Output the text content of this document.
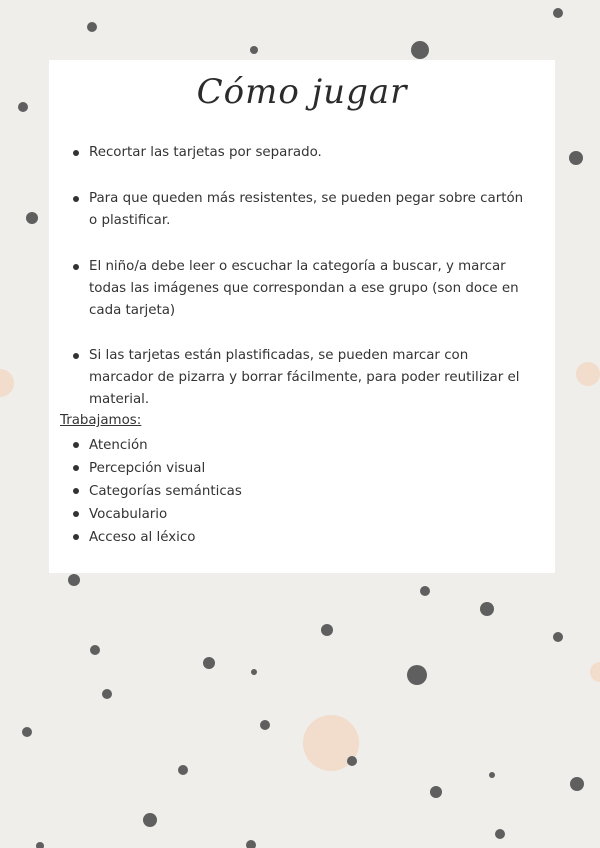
Cómo jugar
Recortar las tarjetas por separado.
Para que queden más resistentes, se pueden pegar sobre cartón o plastificar.
El niño/a debe leer o escuchar la categoría a buscar, y marcar todas las imágenes que correspondan a ese grupo (son doce en cada tarjeta)
Si las tarjetas están plastificadas, se pueden marcar con marcador de pizarra y borrar fácilmente, para poder reutilizar el material.
Trabajamos:
Atención
Percepción visual
Categorías semánticas
Vocabulario
Acceso al léxico
